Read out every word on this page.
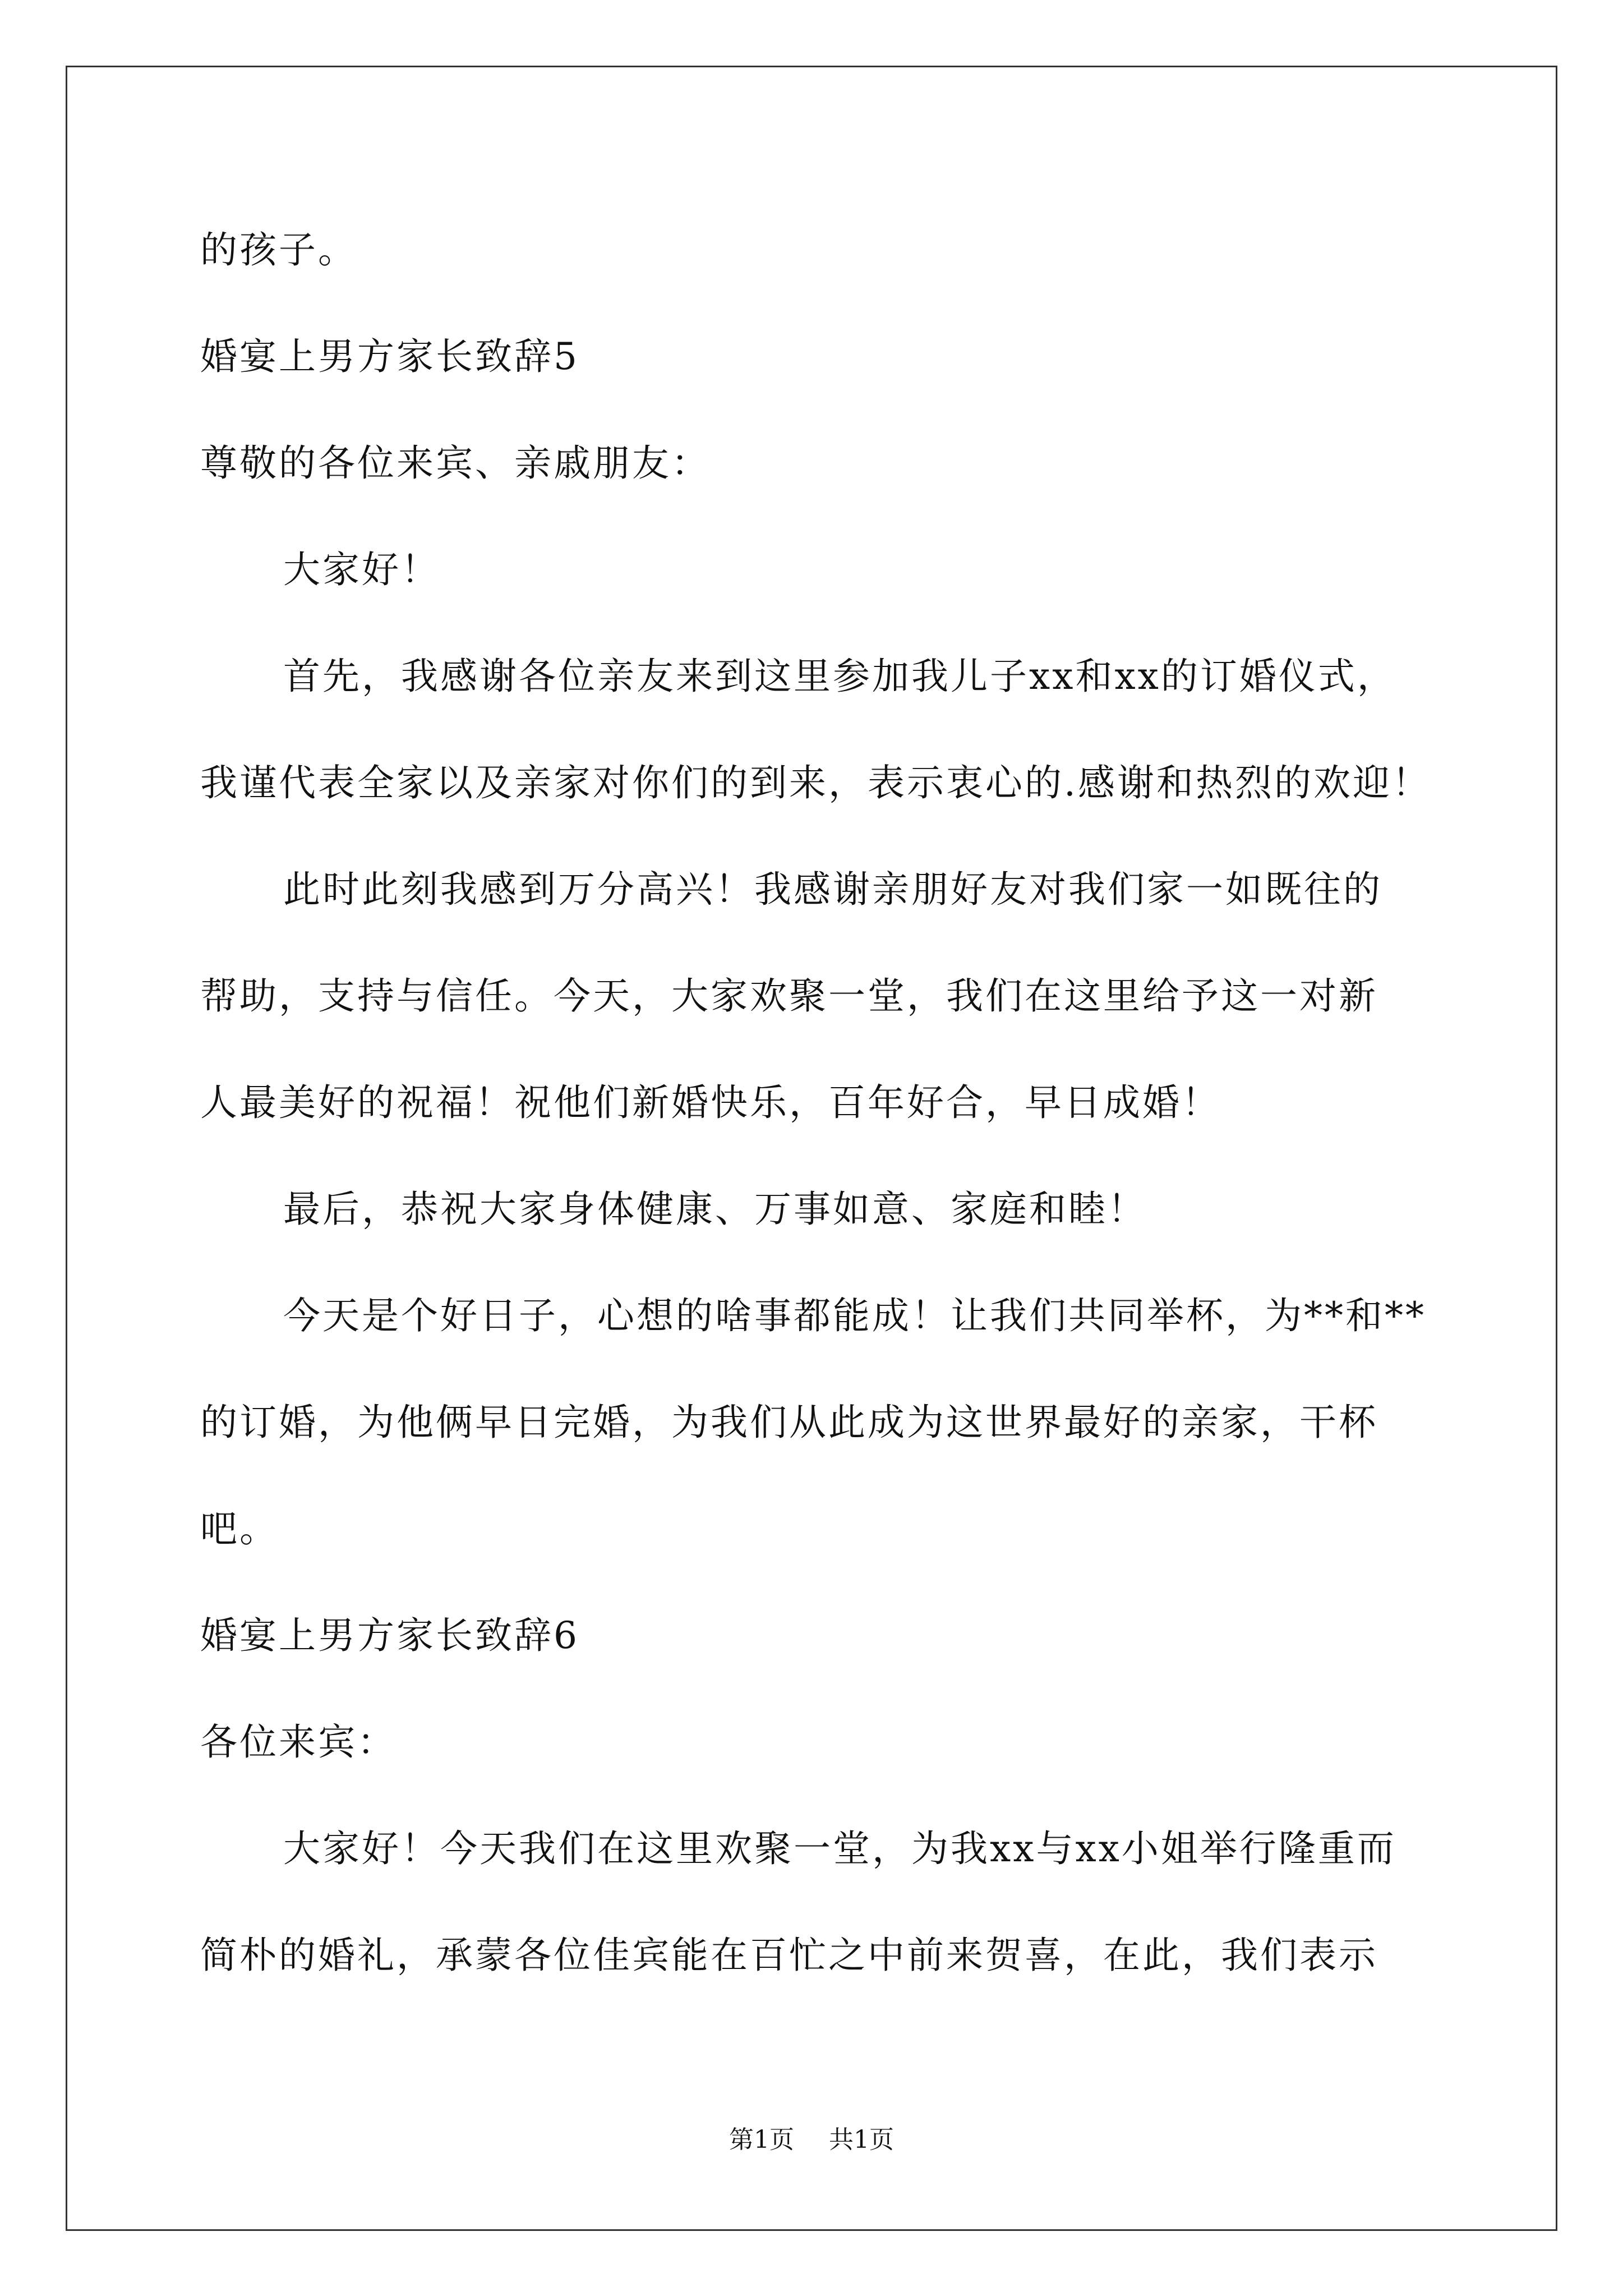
的孩子。
婚宴上男方家长致辞5
尊敬的各位来宾、亲戚朋友：
大家好！
首先，我感谢各位亲友来到这里参加我儿子xx和xx的订婚仪式，
我谨代表全家以及亲家对你们的到来，表示衷心的.感谢和热烈的欢迎！
此时此刻我感到万分高兴！我感谢亲朋好友对我们家一如既往的
帮助，支持与信任。今天，大家欢聚一堂，我们在这里给予这一对新
人最美好的祝福！祝他们新婚快乐，百年好合，早日成婚！
最后，恭祝大家身体健康、万事如意、家庭和睦！
今天是个好日子，心想的啥事都能成！让我们共同举杯，为**和**
的订婚，为他俩早日完婚，为我们从此成为这世界最好的亲家，干杯
吧。
婚宴上男方家长致辞6
各位来宾：
大家好！今天我们在这里欢聚一堂，为我xx与xx小姐举行隆重而
简朴的婚礼，承蒙各位佳宾能在百忙之中前来贺喜，在此，我们表示
第1页 共1页
